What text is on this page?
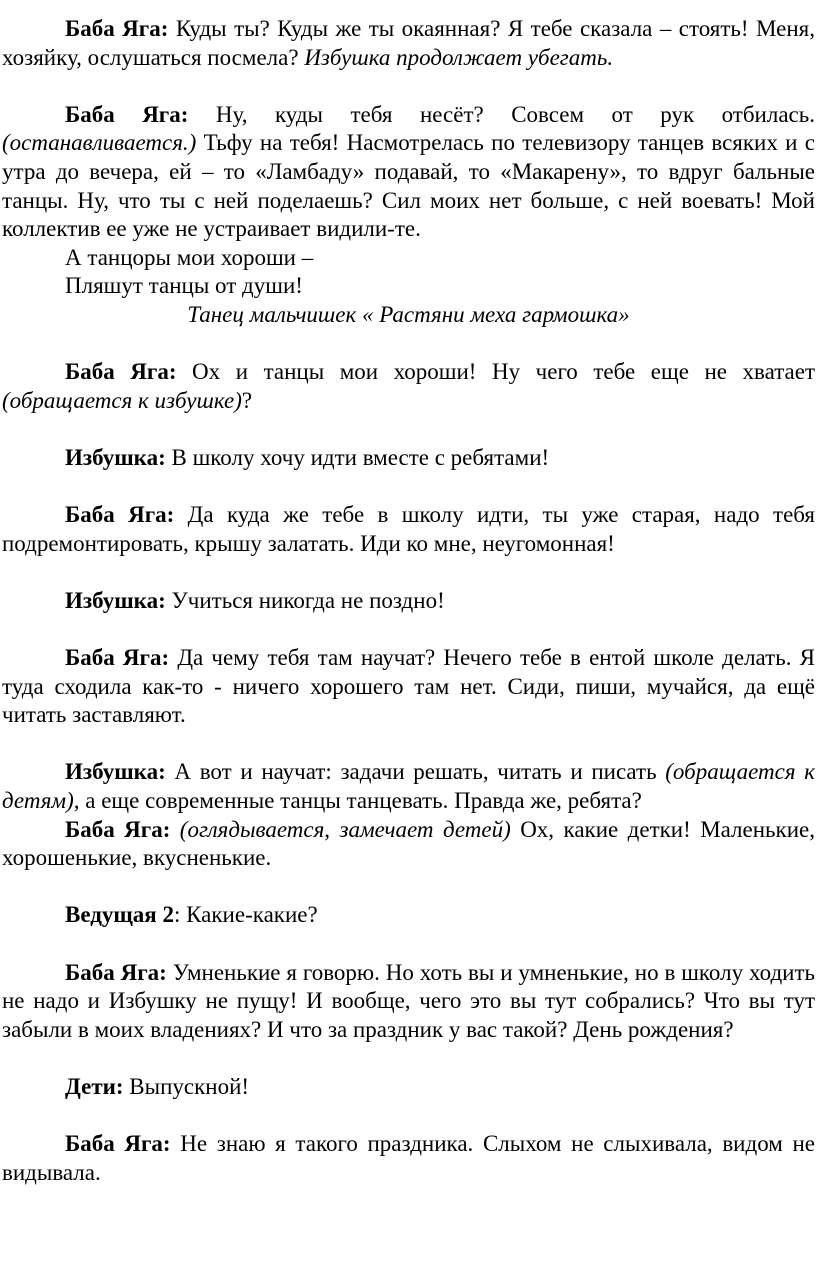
Баба Яга: Куды ты? Куды же ты окаянная? Я тебе сказала – стоять! Меня, хозяйку, ослушаться посмела? Избушка продолжает убегать.

Баба Яга: Ну, куды тебя несёт? Совсем от рук отбилась. (останавливается.) Тьфу на тебя! Насмотрелась по телевизору танцев всяких и с утра до вечера, ей – то «Ламбаду» подавай, то «Макарену», то вдруг бальные танцы. Ну, что ты с ней поделаешь? Сил моих нет больше, с ней воевать! Мой коллектив ее уже не устраивает видили-те.

А танцоры мои хороши –

Пляшут танцы от души!

Танец мальчишек « Растяни меха гармошка»

Баба Яга: Ох и танцы мои хороши! Ну чего тебе еще не хватает (обращается к избушке)?

Избушка: В школу хочу идти вместе с ребятами!

Баба Яга: Да куда же тебе в школу идти, ты уже старая, надо тебя подремонтировать, крышу залатать. Иди ко мне, неугомонная!

Избушка: Учиться никогда не поздно!

Баба Яга: Да чему тебя там научат? Нечего тебе в ентой школе делать. Я туда сходила как-то - ничего хорошего там нет. Сиди, пиши, мучайся, да ещё читать заставляют.

Избушка: А вот и научат: задачи решать, читать и писать (обращается к детям), а еще современные танцы танцевать. Правда же, ребята?

Баба Яга: (оглядывается, замечает детей) Ох, какие детки! Маленькие, хорошенькие, вкусненькие.

Ведущая 2: Какие-какие?

Баба Яга: Умненькие я говорю. Но хоть вы и умненькие, но в школу ходить не надо и Избушку не пущу! И вообще, чего это вы тут собрались? Что вы тут забыли в моих владениях? И что за праздник у вас такой? День рождения?

Дети: Выпускной!

Баба Яга: Не знаю я такого праздника. Слыхом не слыхивала, видом не видывала.
